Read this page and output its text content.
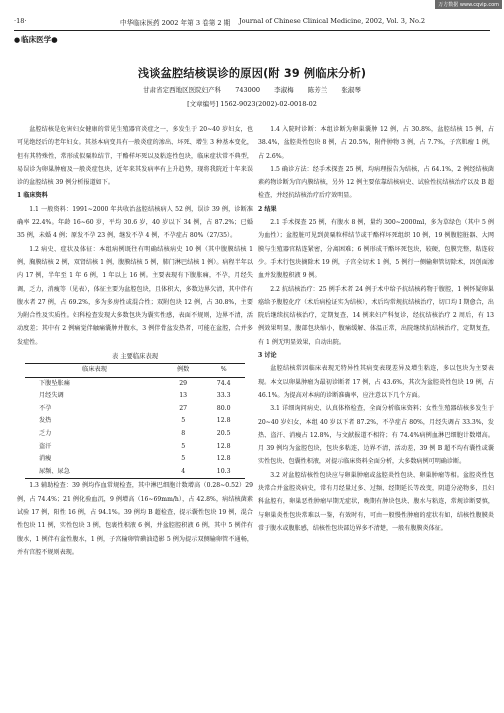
万方数据 www.cqvip.com
·18·	中华临床医药 2002 年第 3 卷第 2 期 Journal of Chinese Clinical Medicine, 2002, Vol. 3, No.2
●临床医学●
浅谈盆腔结核误诊的原因(附 39 例临床分析)
甘肃省定西地区医院妇产科 743000 李淑梅 陈芳兰 张淑琴
[文章编号] 1562-9023(2002)-02-0018-02

盆腔结核是危害妇女健康的常见生殖器官炎症之一，多发生于 20~40 岁妇女，也可见绝经后的老年妇女。其基本病变具有一般炎症的渗出、坏死、增生 3 种基本变化，但有其特殊性，常形成似粟粒结节，干酪样坏死以及粘连性包块，临床症状常不典型，易误诊为卵巢肿瘤及一般炎症包块，近年来其发病率有上升趋势，现将我院近十年来误诊的盆腔结核 39 例分析报道如下。

1 临床资料

1.1 一般资料：1991~2000 年共收治盆腔结核病人 52 例，误诊 39 例，诊断准确率 22.4%。年龄 16~60 岁，平均 30.6 岁，40 岁以下 34 例，占 87.2%；已婚 35 例，未婚 4 例；原发不孕 23 例，继发不孕 4 例，不孕症占 80%（27/35）。

1.2 病史、症状及体征：本组病例既往有明确结核病史 10 例（其中腹膜结核 1 例，胸膜结核 2 例，双肾结核 1 例，腹膜结核 5 例，肺门淋巴结核 1 例）。病程半年以内 17 例，半年至 1 年 6 例，1 年以上 16 例。主要表现有下腹胀痛，不孕，月经失调，乏力，消瘦等（见表），体征主要为盆腔包块，且体积大，多数边界欠清，其中伴有腹水者 27 例，占 69.2%，多为多房性或混合性；双附包块 12 例，占 30.8%，主要为附合性及实质性。妇科检查发现大多数包块为囊实性感，表面不规则，边界不清，活动度差；其中有 2 例痛觉伴触痛囊肿并腹水，3 例伴骨盆发热者，可能在盆腔，合并多发症性。

表 主要临床表现
临床表现	例数	%
下腹坠胀痛	29	74.4
月经失调	13	33.3
不孕	27	80.0
发热	5	12.8
乏力	8	20.5
盗汗	5	12.8
消瘦	5	12.8
尿频、尿急	4	10.3

1.3 辅助检查：39 例均作血常规检查，其中淋巴细胞计数增高（0.28~0.52）29 例，占 74.4%；21 例化验血沉，9 例增高（16~69mm/h），占 42.8%，病结核菌素试验 17 例，阳性 16 例，占 94.1%。39 例均 B 超检查，提示囊性包块 19 例，混合性包块 11 例，实性包块 3 例，包裹性积液 6 例，并盆腔腔积液 6 例，其中 5 例伴有腹水，1 例伴有盆性腹水，1 例，子宫输卵管碘油造影 5 例为提示双侧输卵管不通畅，并有宫腔不规则表现。

1.4 入院时诊断：本组诊断为卵巢囊肿 12 例，占 30.8%，盆腔结核 15 例，占 38.4%，盆腔炎性包块 8 例，占 20.5%，附件肿物 3 例，占 7.7%，子宫肌瘤 1 例，占 2.6%。

1.5 确诊方法：经手术探查 25 例，均病理报告为结核，占 64.1%，2 例经结核菌素药物诊断为宫内膜结核，另外 12 例主要依靠结核病史、试验性抗结核治疗以及 B 超检查，并经抗结核治疗后疗效明显。

2 结果

2.1 手术探查 25 例，有腹水 8 例，量约 300~2000ml，多为草绿色（其中 5 例为血性）；盆腔脏可见到黄粟粒样结节或干酪样坏死组织 10 例，19 例腹腔脏器、大网膜与生殖器官粘连紧密，分离困难；6 例形成干酪坏死包块，较硬，包膜完整，粘连较少。手术行包块摘除术 19 例，子宫全切术 1 例，5 例行一侧输卵管切除术，因创面渗血并发腹腔积液 9 例。

2.2 抗结核治疗：25 例手术者 24 例于术中给予抗结核药物于腹腔，1 例怀疑卵巢癌给予腹腔化疗（术后病检证实为结核），术后均常规抗结核治疗，切口均 I 期愈合，出院后继续抗结核治疗，定期复查，14 例来妇产科复诊，经抗结核治疗 2 周后，有 13 例效果明显，腹部包块缩小，腹痛缓解、体温正常，出院继续抗结核治疗，定期复查，有 1 例无明显效果，自动出院。

3 讨论

盆腔结核常因临床表现无特异性其病变表现差异及增生粘连，多以包块为主要表现。本文以卵巢肿瘤为最初诊断者 17 例，占 43.6%，其次为盆腔炎性包块 19 例，占 46.1%。为提高对本病的诊断准确率，应注意以下几个方面。

3.1 详细询问病史、认真体格检查，全面分析临床资料；女性生殖器结核多发生于 20~40 岁妇女，本组 40 岁以下者 87.2%，不孕症占 80%，月经失调占 33.3%，发热、盗汗、消瘦占 12.8%，与文献报道不相符；有 74.4%病例血淋巴细胞计数增高。月 39 例均为盆腔包块，包块多粘连，边界不清，活动差，39 例 B 超不均有囊性或囊实性包块、包囊性积液，对提示临床资料全面分析，大多数病例可明确诊断。

3.2 对盆腔结核性包块应与卵巢肿瘤或盆腔炎性包块、卵巢肿瘤等相。盆腔炎性包块常合并盆腔炎病史，常有月经量过多、过频、经期延长等改变，阴道分泌物多，且妇科盆腔有，卵巢恶性肿瘤早期无症状，晚期有肿块包块、腹水与粘连，常规诊断要慎，与卵巢炎性包块常难以一鉴，有效时有，可由一般慢性肿瘤的症状有如，结核性腹膜炎常于腹水或腹胀感，结核性包块部边界多不清楚，一般有腹膜炎体征。
